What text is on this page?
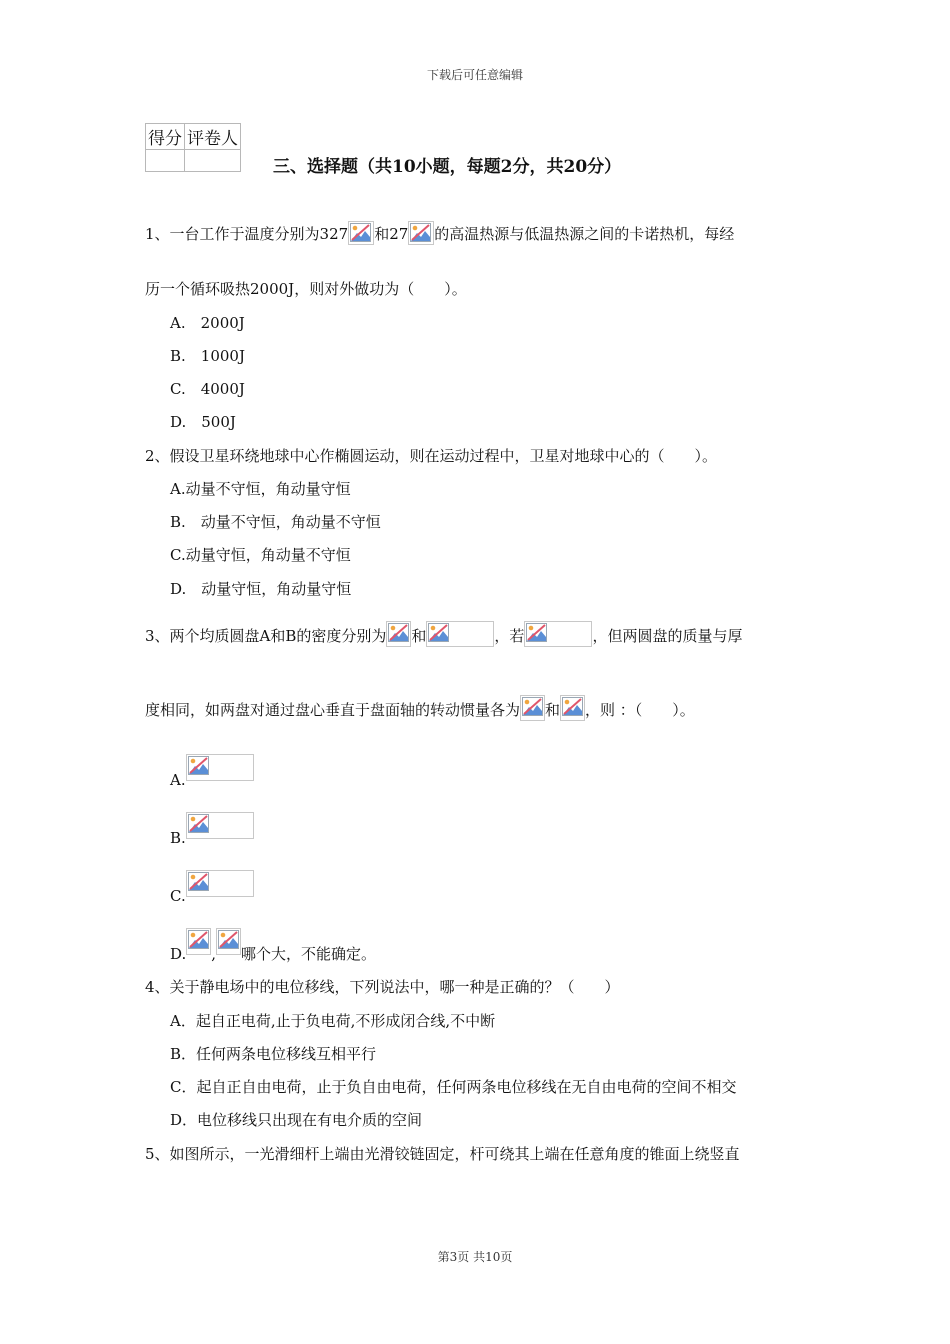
下载后可任意编辑
得分	评卷人

三、选择题（共10小题，每题2分，共20分）
1、一台工作于温度分别为327 和27 的高温热源与低温热源之间的卡诺热机，每经
历一个循环吸热2000J，则对外做功为（　　）。
A.　2000J
B.　1000J
C.　4000J
D.　500J
2、假设卫星环绕地球中心作椭圆运动，则在运动过程中，卫星对地球中心的（　　）。
A.动量不守恒，角动量守恒
B.　动量不守恒，角动量不守恒
C.动量守恒，角动量不守恒
D.　动量守恒，角动量守恒
3、两个均质圆盘A和B的密度分别为 和	，若	，但两圆盘的质量与厚
度相同，如两盘对通过盘心垂直于盘面轴的转动惯量各为 和 ，则 ：（　　）。
A.
B.
C.
D. , 哪个大，不能确定。
4、关于静电场中的电位移线，下列说法中，哪一种是正确的？（　　）
A．起自正电荷,止于负电荷,不形成闭合线,不中断
B．任何两条电位移线互相平行
C．起自正自由电荷，止于负自由电荷，任何两条电位移线在无自由电荷的空间不相交
D．电位移线只出现在有电介质的空间
5、如图所示，一光滑细杆上端由光滑铰链固定，杆可绕其上端在任意角度的锥面上绕竖直
第3页 共10页
